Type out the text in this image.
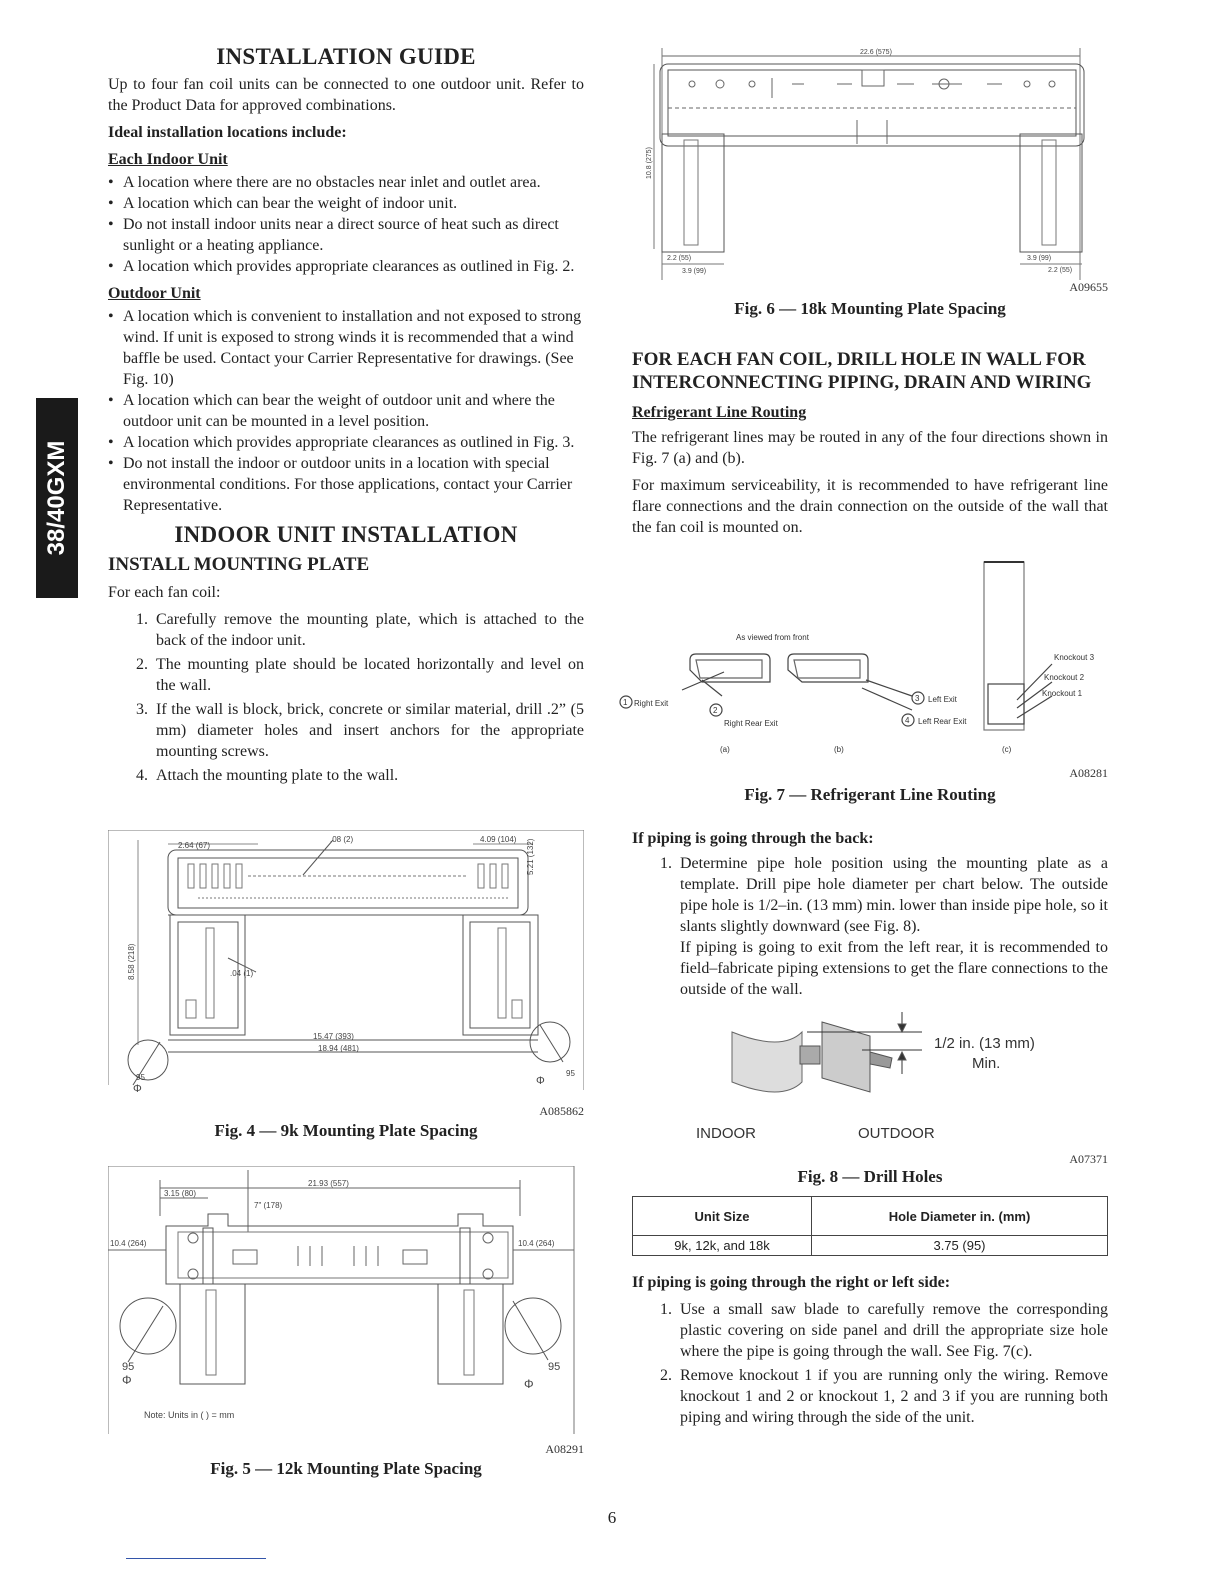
38/40GXM
INSTALLATION GUIDE

Up to four fan coil units can be connected to one outdoor unit. Refer to the Product Data for approved combinations.

Ideal installation locations include:

Each Indoor Unit

• A location where there are no obstacles near inlet and outlet area.
• A location which can bear the weight of indoor unit.
• Do not install indoor units near a direct source of heat such as direct sunlight or a heating appliance.
• A location which provides appropriate clearances as outlined in Fig. 2.

Outdoor Unit

• A location which is convenient to installation and not exposed to strong wind. If unit is exposed to strong winds it is recommended that a wind baffle be used. Contact your Carrier Representative for drawings. (See Fig. 10)
• A location which can bear the weight of outdoor unit and where the outdoor unit can be mounted in a level position.
• A location which provides appropriate clearances as outlined in Fig. 3.
• Do not install the indoor or outdoor units in a location with special environmental conditions. For those applications, contact your Carrier Representative.
INDOOR UNIT INSTALLATION
INSTALL MOUNTING PLATE

For each fan coil:

1. Carefully remove the mounting plate, which is attached to the back of the indoor unit.
2. The mounting plate should be located horizontally and level on the wall.
3. If the wall is block, brick, concrete or similar material, drill .2” (5 mm) diameter holes and insert anchors for the appropriate mounting screws.
4. Attach the mounting plate to the wall.
2.64 (67)
.08 (2)	4.09 (104) 5.21 (132)
8.58 (218)	.04 (1)
15.47 (393)
18.94 (481)
95	95
Φ
Φ
A085862
Fig. 4 — 9k Mounting Plate Spacing
21.93 (557)
3.15 (80)
7" (178)
10.4 (264)	10.4 (264)
95	95
Φ	Φ
Note: Units in ( ) = mm
A08291
Fig. 5 — 12k Mounting Plate Spacing
22.6 (575)
10.8 (275)
2.2 (55)
3.9 (99)
3.9 (99)
2.2 (55)
A09655
Fig. 6 — 18k Mounting Plate Spacing
FOR EACH FAN COIL, DRILL HOLE IN WALL FOR INTERCONNECTING PIPING, DRAIN AND WIRING

Refrigerant Line Routing

The refrigerant lines may be routed in any of the four directions shown in Fig. 7 (a) and (b).

For maximum serviceability, it is recommended to have refrigerant line flare connections and the drain connection on the outside of the wall that the fan coil is mounted on.

As viewed from front
1 Right Exit
2
Right Rear Exit
3 Left Exit
4 Left Rear Exit
Knockout 3
Knockout 2
Knockout 1
(a)	(b)	(c)
A08281
Fig. 7 — Refrigerant Line Routing

If piping is going through the back:

1. Determine pipe hole position using the mounting plate as a template. Drill pipe hole diameter per chart below. The outside pipe hole is 1/2–in. (13 mm) min. lower than inside pipe hole, so it slants slightly downward (see Fig. 8).
If piping is going to exit from the left rear, it is recommended to field–fabricate piping extensions to get the flare connections to the outside of the wall.
1/2 in. (13 mm)
Min.
INDOOR	OUTDOOR
A07371
Fig. 8 — Drill Holes
Unit Size	Hole Diameter in. (mm)
9k, 12k, and 18k	3.75 (95)

If piping is going through the right or left side:

1. Use a small saw blade to carefully remove the corresponding plastic covering on side panel and drill the appropriate size hole where the pipe is going through the wall. See Fig. 7(c).
2. Remove knockout 1 if you are running only the wiring. Remove knockout 1 and 2 or knockout 1, 2 and 3 if you are running both piping and wiring through the side of the unit.
6
